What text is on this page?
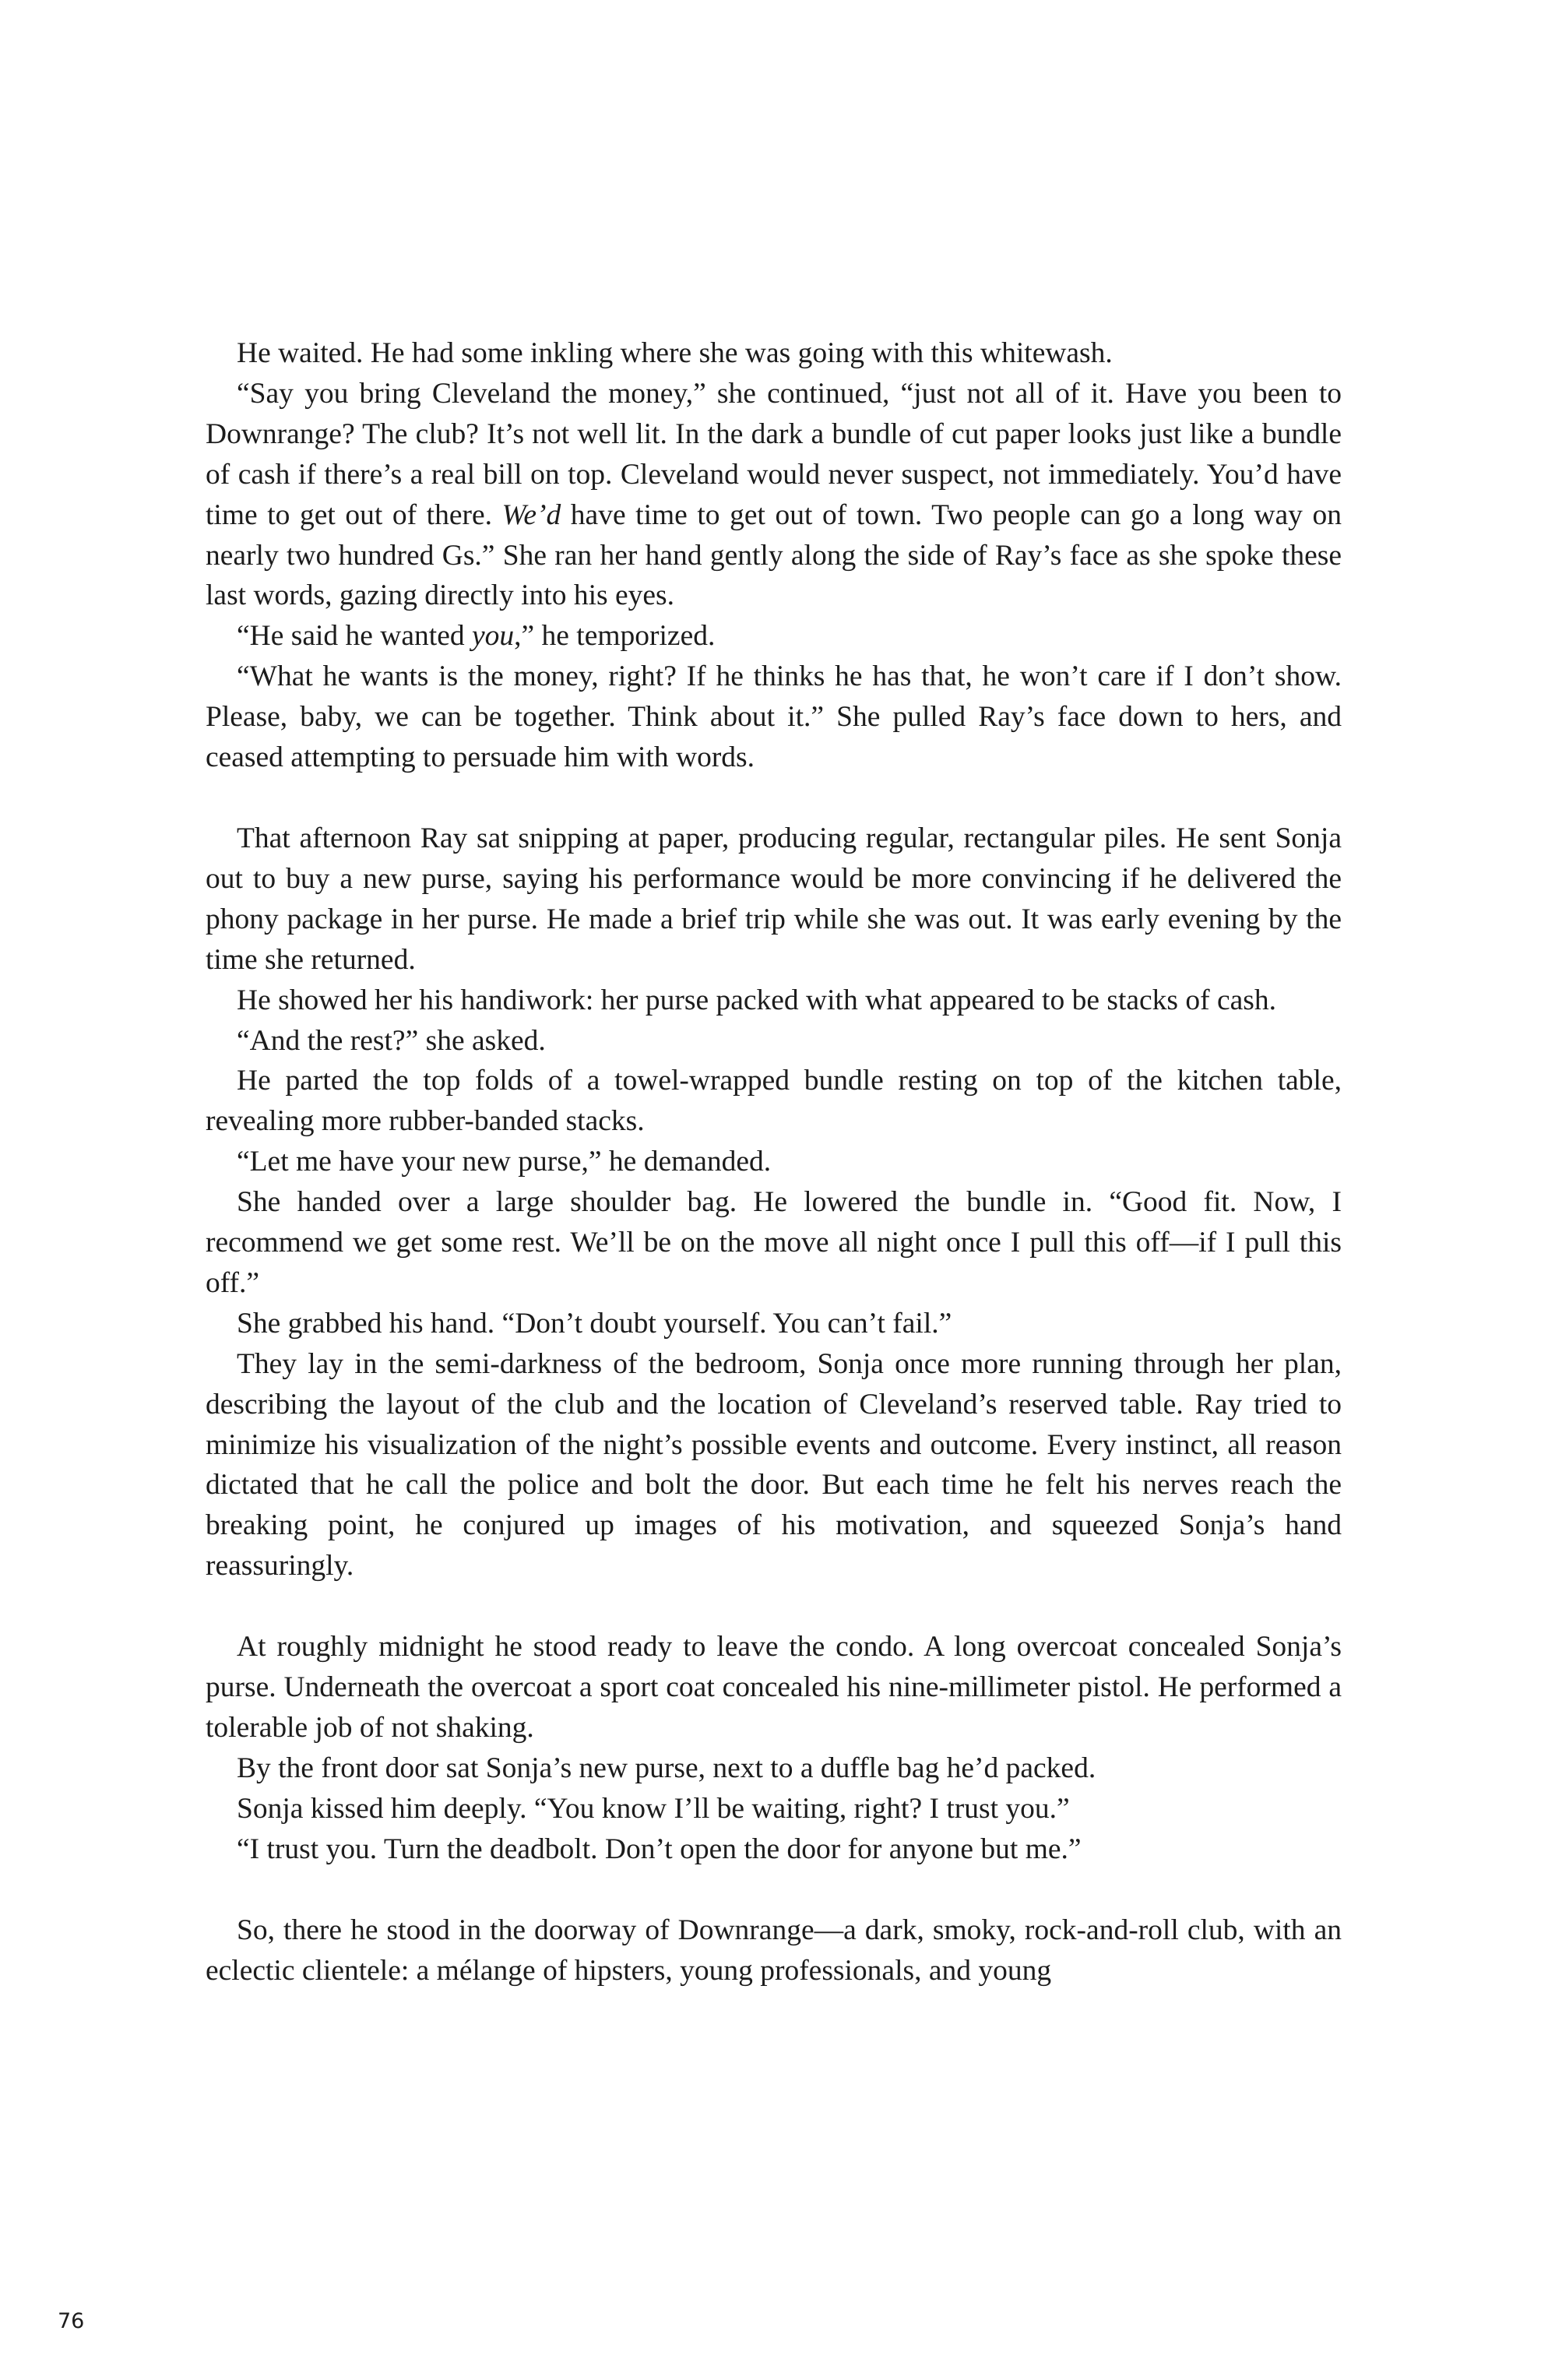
He waited. He had some inkling where she was going with this whitewash.

“Say you bring Cleveland the money,” she continued, “just not all of it. Have you been to Downrange? The club? It’s not well lit. In the dark a bundle of cut paper looks just like a bundle of cash if there’s a real bill on top. Cleveland would never suspect, not immediately. You’d have time to get out of there. We’d have time to get out of town. Two people can go a long way on nearly two hundred Gs.” She ran her hand gently along the side of Ray’s face as she spoke these last words, gazing directly into his eyes.

“He said he wanted you,” he temporized.

“What he wants is the money, right? If he thinks he has that, he won’t care if I don’t show. Please, baby, we can be together. Think about it.” She pulled Ray’s face down to hers, and ceased attempting to persuade him with words.

That afternoon Ray sat snipping at paper, producing regular, rectangular piles. He sent Sonja out to buy a new purse, saying his performance would be more convincing if he delivered the phony package in her purse. He made a brief trip while she was out. It was early evening by the time she returned.

He showed her his handiwork: her purse packed with what appeared to be stacks of cash.

“And the rest?” she asked.

He parted the top folds of a towel-wrapped bundle resting on top of the kitchen table, revealing more rubber-banded stacks.

“Let me have your new purse,” he demanded.

She handed over a large shoulder bag. He lowered the bundle in. “Good fit. Now, I recommend we get some rest. We’ll be on the move all night once I pull this off—if I pull this off.”

She grabbed his hand. “Don’t doubt yourself. You can’t fail.”

They lay in the semi-darkness of the bedroom, Sonja once more running through her plan, describing the layout of the club and the location of Cleveland’s reserved table. Ray tried to minimize his visualization of the night’s possible events and outcome. Every instinct, all reason dictated that he call the police and bolt the door. But each time he felt his nerves reach the breaking point, he conjured up images of his motivation, and squeezed Sonja’s hand reassuringly.

At roughly midnight he stood ready to leave the condo. A long overcoat concealed Sonja’s purse. Underneath the overcoat a sport coat concealed his nine-millimeter pistol. He performed a tolerable job of not shaking.

By the front door sat Sonja’s new purse, next to a duffle bag he’d packed.

Sonja kissed him deeply. “You know I’ll be waiting, right? I trust you.”

“I trust you. Turn the deadbolt. Don’t open the door for anyone but me.”

So, there he stood in the doorway of Downrange—a dark, smoky, rock-and-roll club, with an eclectic clientele: a mélange of hipsters, young professionals, and young

76
